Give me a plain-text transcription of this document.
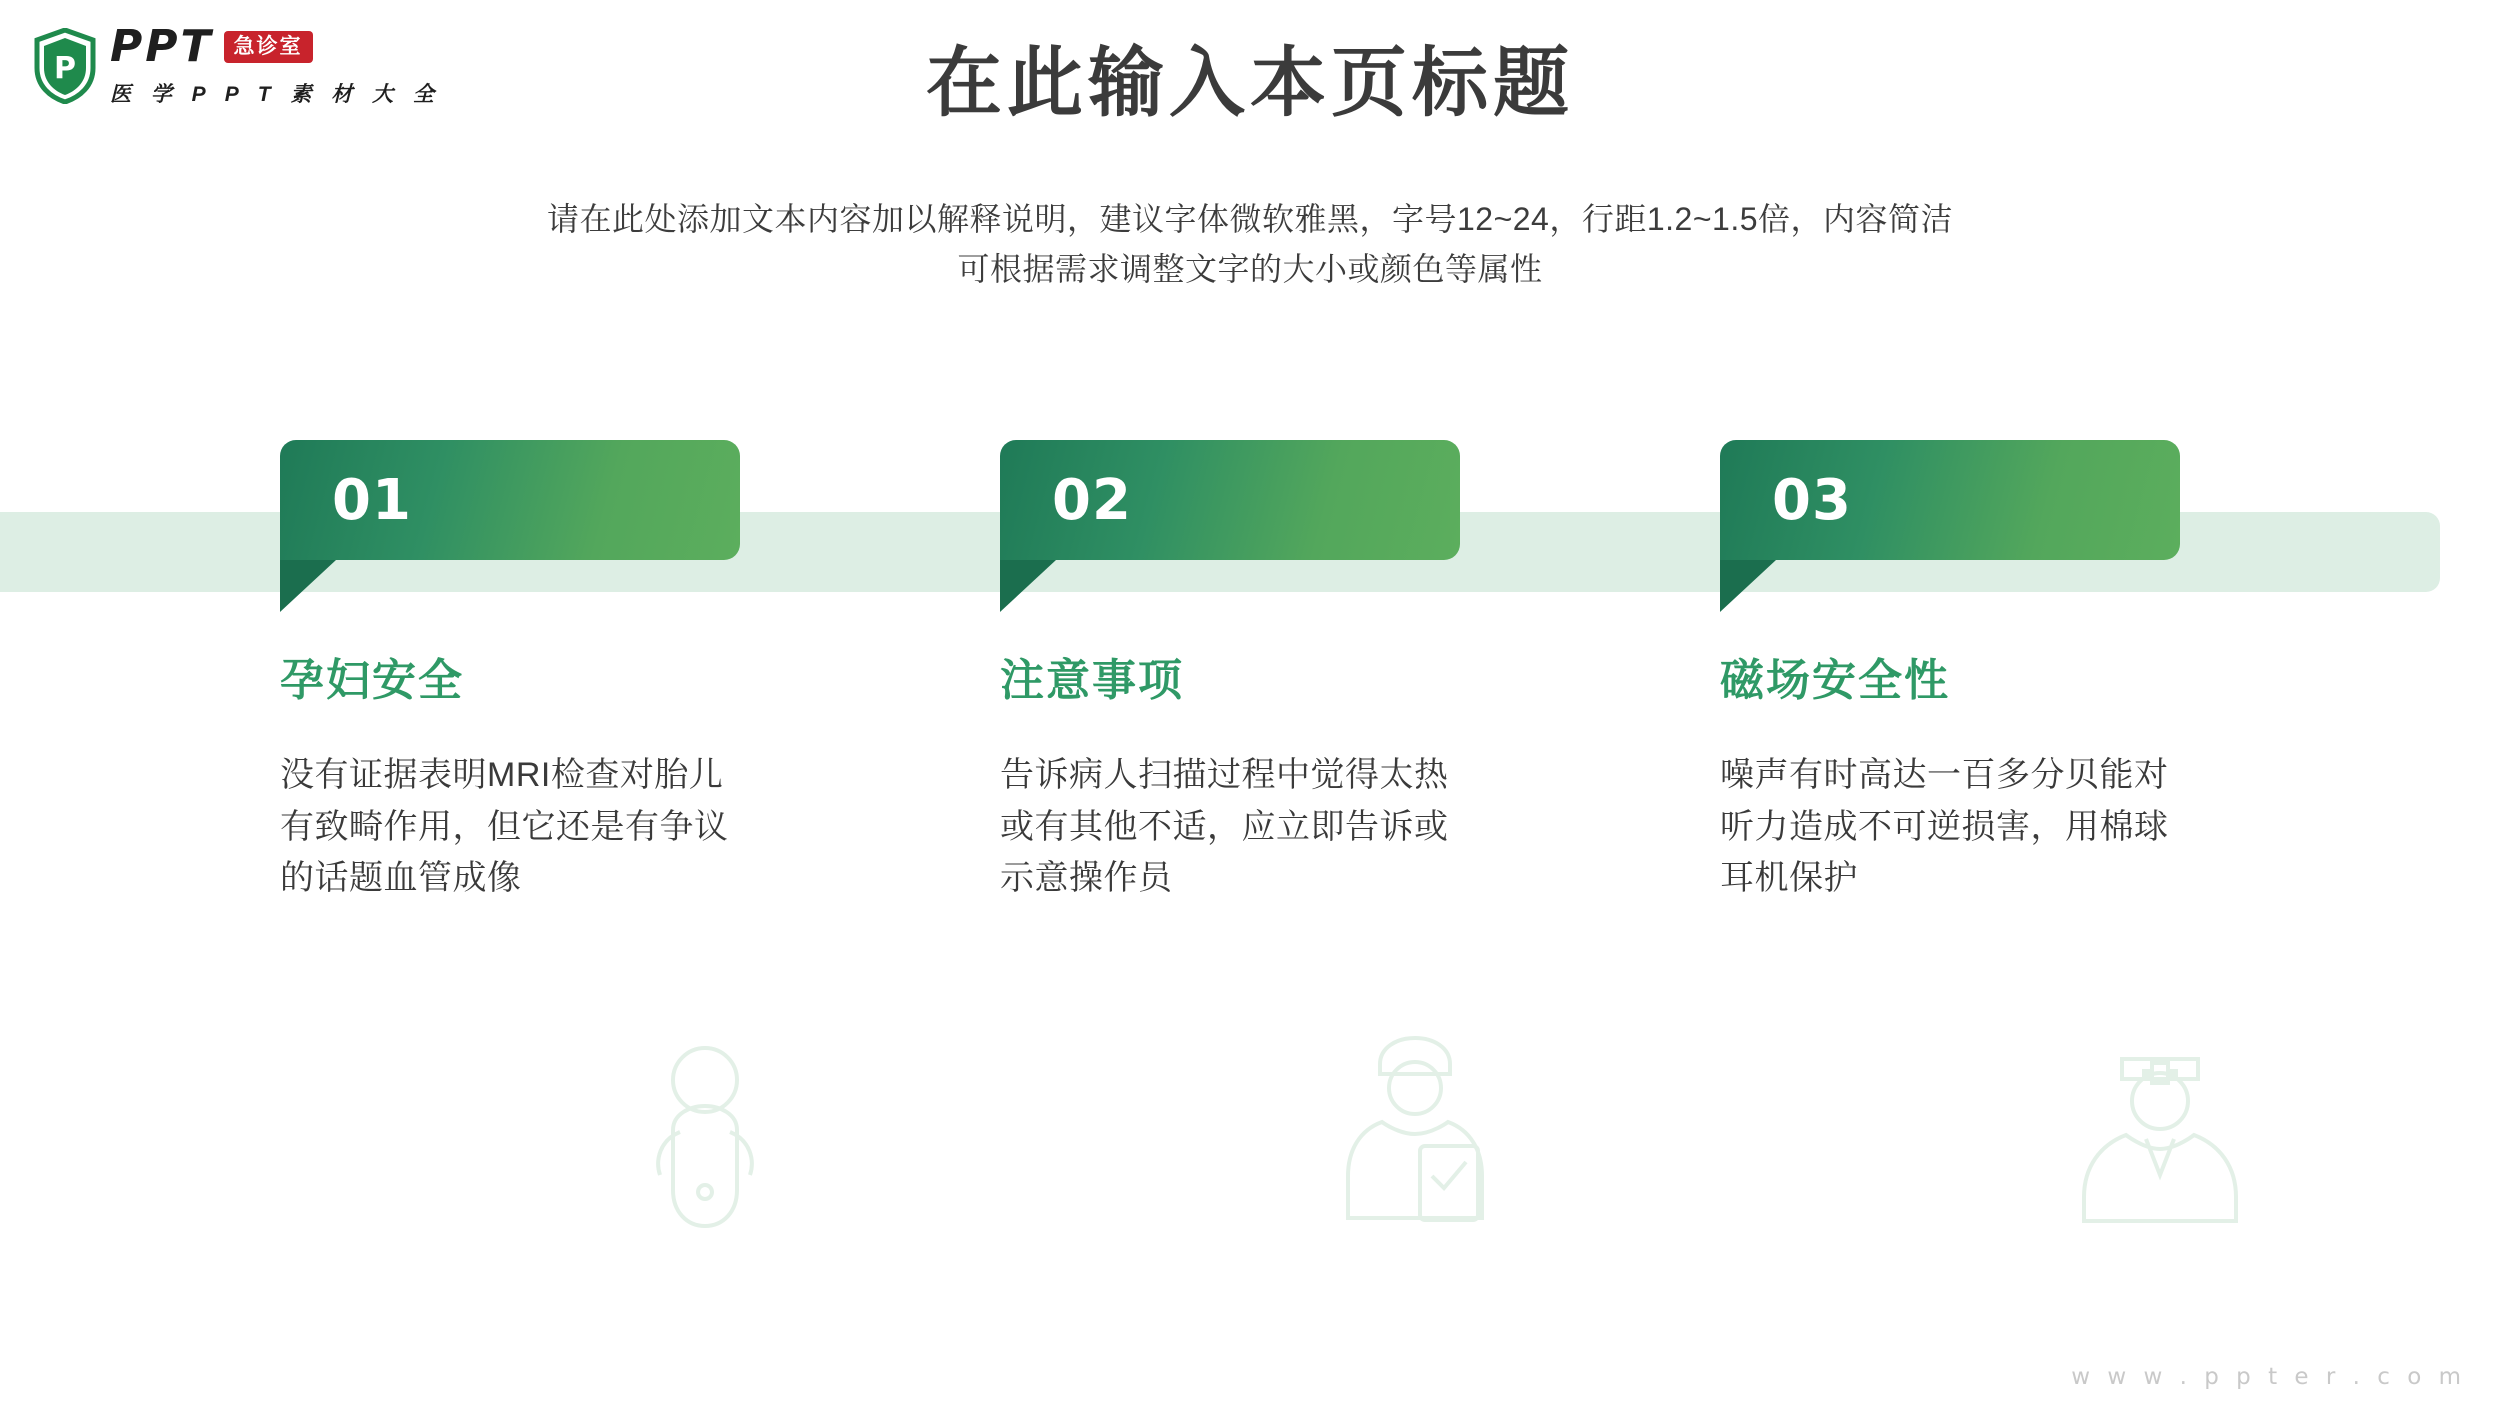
P PPT 急诊室
医 学 P P T 素 材 大 全	在此输入本页标题
请在此处添加文本内容加以解释说明，建议字体微软雅黑，字号12~24，行距1.2~1.5倍，内容简洁
可根据需求调整文字的大小或颜色等属性
01
孕妇安全
没有证据表明MRI检查对胎儿有致畸作用，但它还是有争议的话题血管成像
02
注意事项
告诉病人扫描过程中觉得太热或有其他不适，应立即告诉或示意操作员
03
磁场安全性
噪声有时高达一百多分贝能对听力造成不可逆损害，用棉球耳机保护
w w w . p p t e r . c o m
